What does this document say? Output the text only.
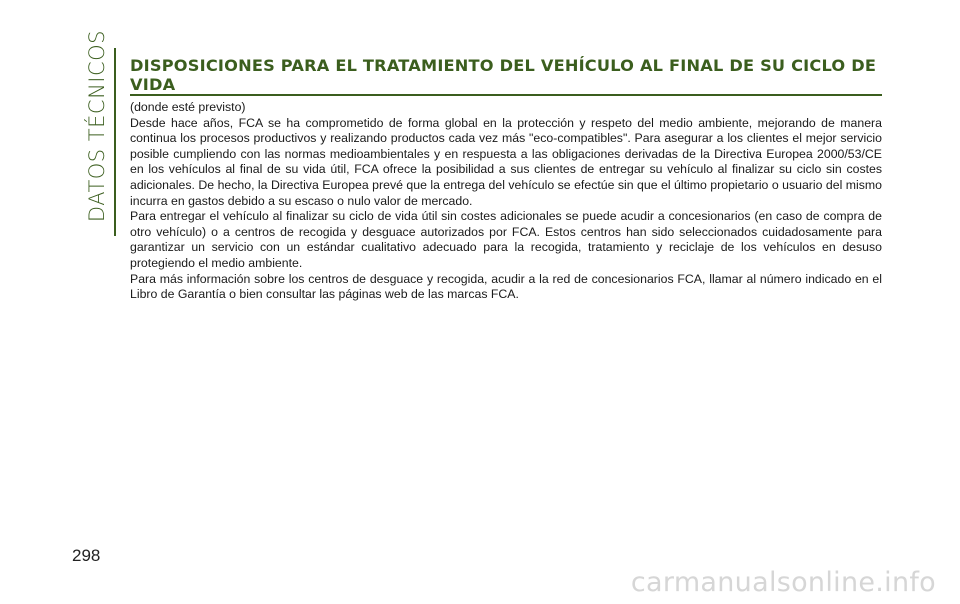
DATOS TÉCNICOS	DISPOSICIONES PARA EL TRATAMIENTO DEL VEHÍCULO AL FINAL DE SU CICLO DE VIDA

(donde esté previsto)

Desde hace años, FCA se ha comprometido de forma global en la protección y respeto del medio ambiente, mejorando de manera continua los procesos productivos y realizando productos cada vez más "eco-compatibles". Para asegurar a los clientes el mejor servicio posible cumpliendo con las normas medioambientales y en respuesta a las obligaciones derivadas de la Directiva Europea 2000/53/CE en los vehículos al final de su vida útil, FCA ofrece la posibilidad a sus clientes de entregar su vehículo al finalizar su ciclo sin costes adicionales. De hecho, la Directiva Europea prevé que la entrega del vehículo se efectúe sin que el último propietario o usuario del mismo incurra en gastos debido a su escaso o nulo valor de mercado.

Para entregar el vehículo al finalizar su ciclo de vida útil sin costes adicionales se puede acudir a concesionarios (en caso de compra de otro vehículo) o a centros de recogida y desguace autorizados por FCA. Estos centros han sido seleccionados cuidadosamente para garantizar un servicio con un estándar cualitativo adecuado para la recogida, tratamiento y reciclaje de los vehículos en desuso protegiendo el medio ambiente.

Para más información sobre los centros de desguace y recogida, acudir a la red de concesionarios FCA, llamar al número indicado en el Libro de Garantía o bien consultar las páginas web de las marcas FCA.

298
carmanualsonline.info
